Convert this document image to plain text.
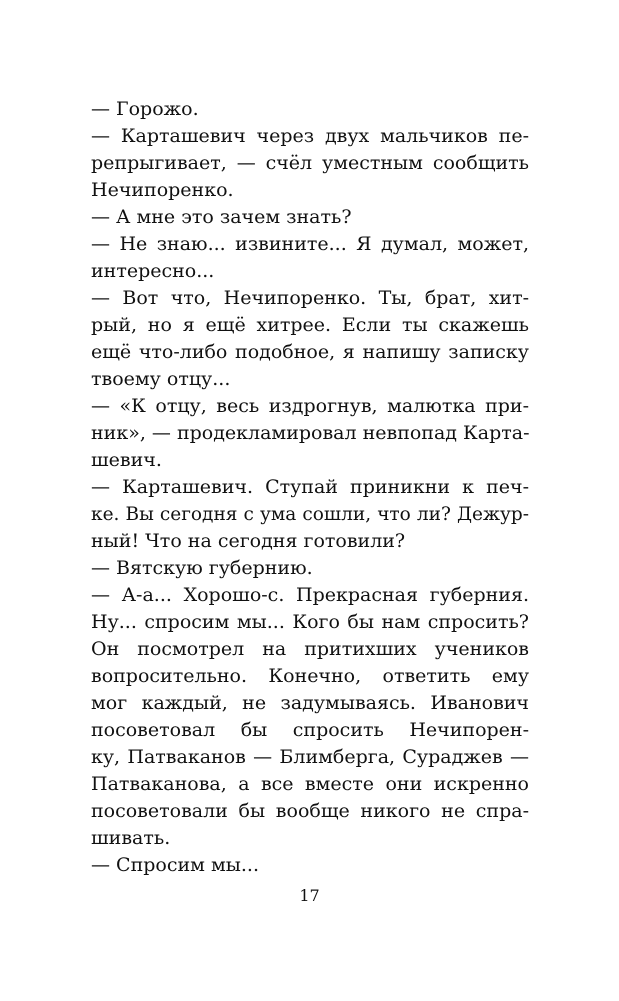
— Горожо.
— Карташевич через двух мальчиков пе-
репрыгивает, — счёл уместным сообщить
Нечипоренко.
— А мне это зачем знать?
— Не знаю... извините... Я думал, может,
интересно...
— Вот что, Нечипоренко. Ты, брат, хит-
рый, но я ещё хитрее. Если ты скажешь
ещё что-либо подобное, я напишу записку
твоему отцу...
— «К отцу, весь издрогнув, малютка при-
ник», — продекламировал невпопад Карта-
шевич.
— Карташевич. Ступай приникни к печ-
ке. Вы сегодня с ума сошли, что ли? Дежур-
ный! Что на сегодня готовили?
— Вятскую губернию.
— А-а... Хорошо-с. Прекрасная губерния.
Ну... спросим мы... Кого бы нам спросить?
Он посмотрел на притихших учеников
вопросительно. Конечно, ответить ему
мог каждый, не задумываясь. Иванович
посоветовал бы спросить Нечипорен-
ку, Патваканов — Блимберга, Сураджев —
Патваканова, а все вместе они искренно
посоветовали бы вообще никого не спра-
шивать.
— Спросим мы...
17
